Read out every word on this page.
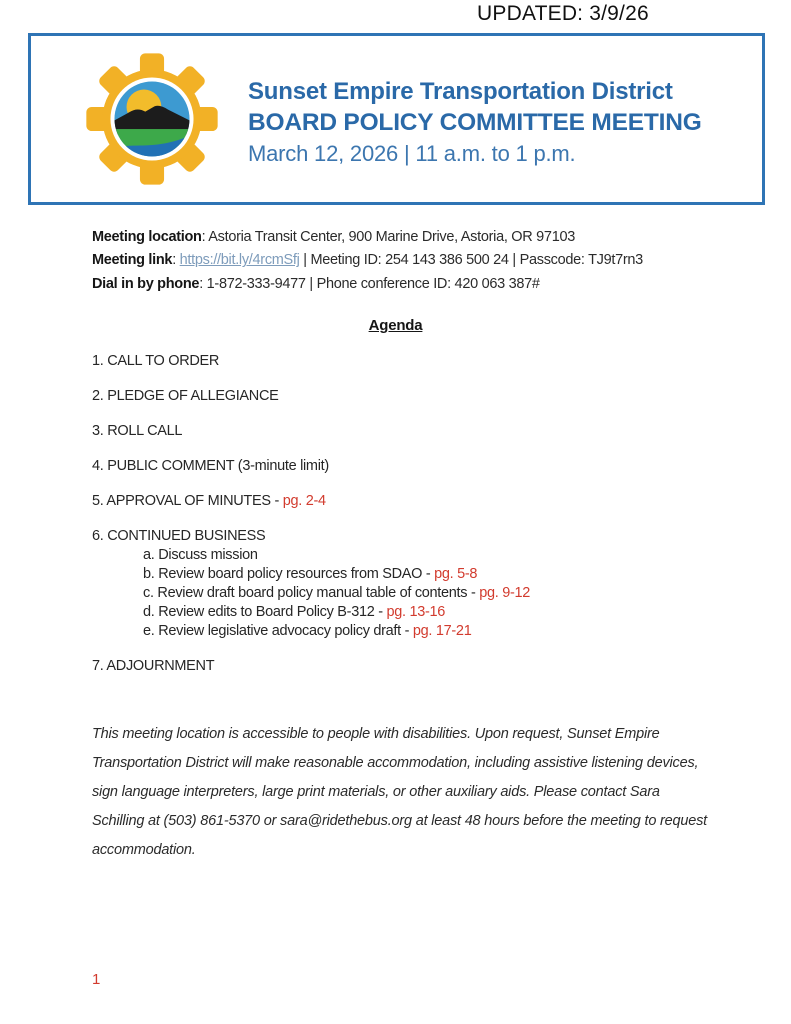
UPDATED: 3/9/26
Sunset Empire Transportation District
BOARD POLICY COMMITTEE MEETING
March 12, 2026 | 11 a.m. to 1 p.m.
Meeting location: Astoria Transit Center, 900 Marine Drive, Astoria, OR 97103
Meeting link: https://bit.ly/4rcmSfj | Meeting ID: 254 143 386 500 24 | Passcode: TJ9t7rn3
Dial in by phone: 1-872-333-9477 | Phone conference ID: 420 063 387#
Agenda
1. CALL TO ORDER
2. PLEDGE OF ALLEGIANCE
3. ROLL CALL
4. PUBLIC COMMENT (3-minute limit)
5. APPROVAL OF MINUTES - pg. 2-4
6. CONTINUED BUSINESS
a. Discuss mission
b. Review board policy resources from SDAO - pg. 5-8
c. Review draft board policy manual table of contents - pg. 9-12
d. Review edits to Board Policy B-312 - pg. 13-16
e. Review legislative advocacy policy draft - pg. 17-21
7. ADJOURNMENT
This meeting location is accessible to people with disabilities. Upon request, Sunset Empire
Transportation District will make reasonable accommodation, including assistive listening devices,
sign language interpreters, large print materials, or other auxiliary aids. Please contact Sara
Schilling at (503) 861-5370 or sara@ridethebus.org at least 48 hours before the meeting to request
accommodation.
1
